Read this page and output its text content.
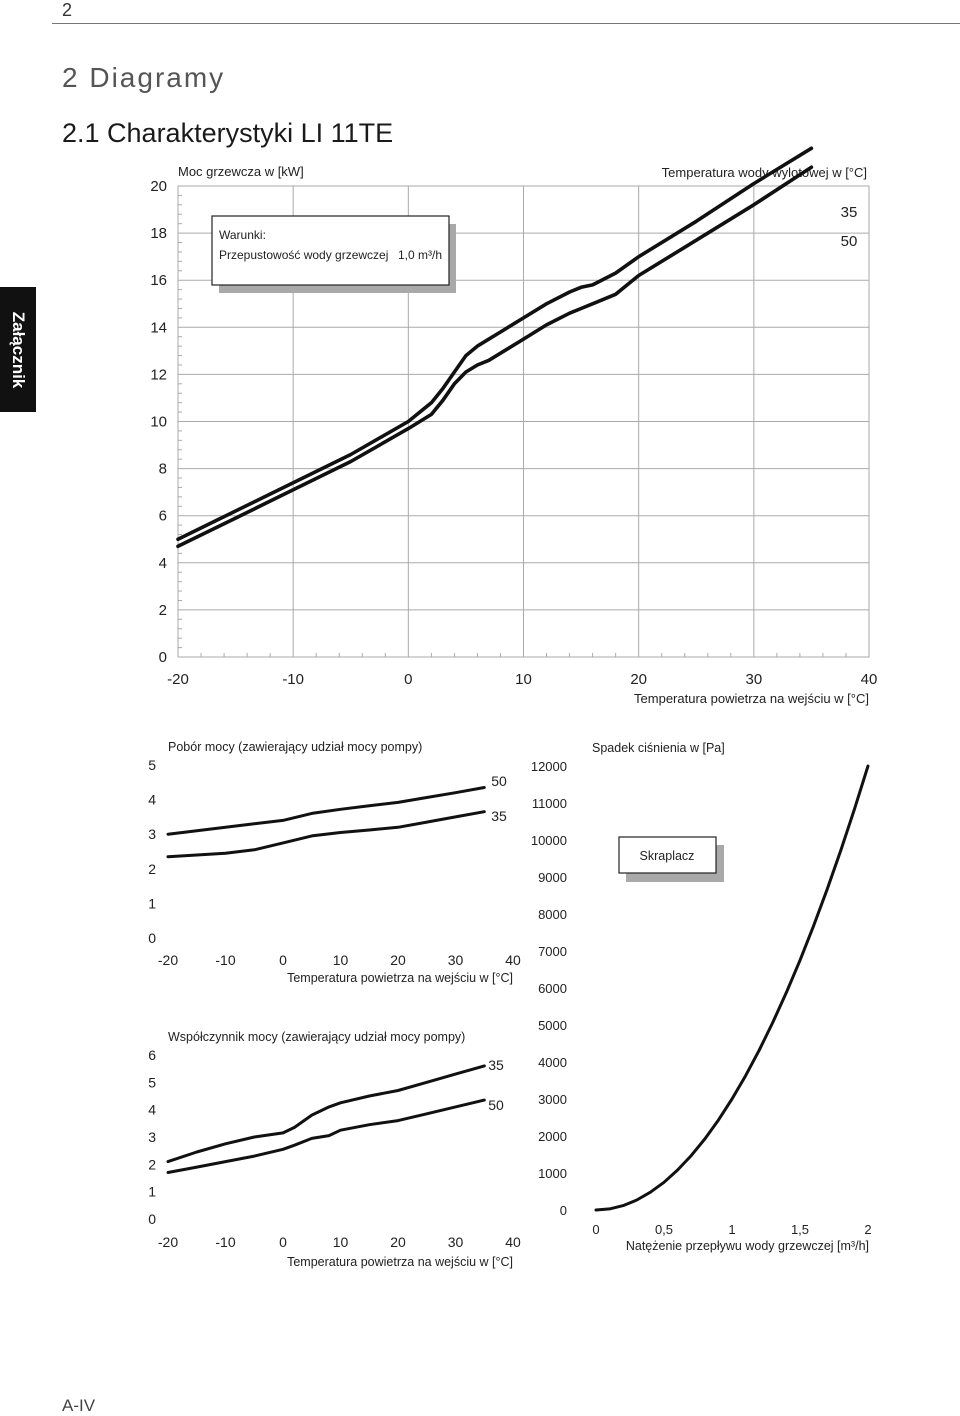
2
2 Diagramy
2.1 Charakterystyki LI 11TE
Załącznik
A-IV
0
2
4
6
8
10
12
14
16
18
20
-20	-10	0	10	20	30	40
Moc grzewcza w [kW]
Temperatura powietrza na wejściu w [°C]
Temperatura wody wylotowej w [°C]
35
50
Warunki:
Przepustowość wody grzewczej 1,0 m³/h
0
1
2
3
4
5
-20	-10	0	10	20	30	40
Pobór mocy (zawierający udział mocy pompy)
Temperatura powietrza na wejściu w [°C]
50
35
0
1
2
3
4
5
6
-20	-10	0	10	20	30	40
Współczynnik mocy (zawierający udział mocy pompy)
Temperatura powietrza na wejściu w [°C]
35
50
0
1000
2000
3000
4000
5000
6000
7000
8000
9000
10000
11000
12000
0	0,5	1	1,5	2
Spadek ciśnienia w [Pa]
Natężenie przepływu wody grzewczej [m³/h]
Skraplacz
